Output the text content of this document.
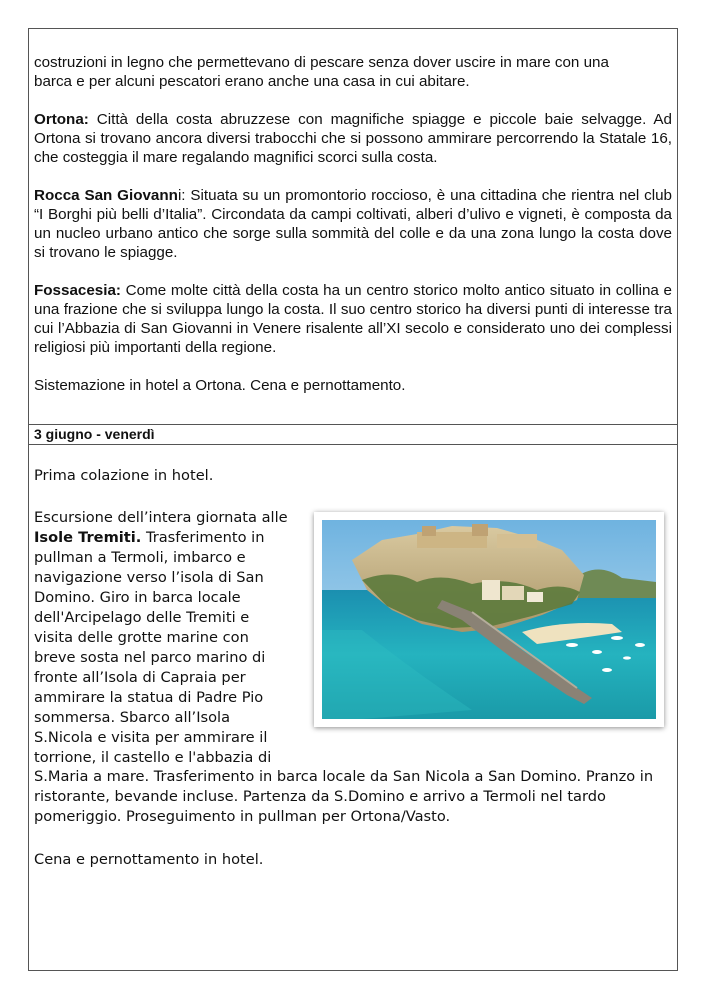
costruzioni in legno che permettevano di pescare senza dover uscire in mare con una
barca e per alcuni pescatori erano anche una casa in cui abitare.

Ortona: Città della costa abruzzese con magnifiche spiagge e piccole baie selvagge. Ad Ortona si trovano ancora diversi trabocchi che si possono ammirare percorrendo la Statale 16, che costeggia il mare regalando magnifici scorci sulla costa.

Rocca San Giovanni: Situata su un promontorio roccioso, è una cittadina che rientra nel club “I Borghi più belli d’Italia”. Circondata da campi coltivati, alberi d’ulivo e vigneti, è composta da un nucleo urbano antico che sorge sulla sommità del colle e da una zona lungo la costa dove si trovano le spiagge.

Fossacesia: Come molte città della costa ha un centro storico molto antico situato in collina e una frazione che si sviluppa lungo la costa. Il suo centro storico ha diversi punti di interesse tra cui l’Abbazia di San Giovanni in Venere risalente all’XI secolo e considerato uno dei complessi religiosi più importanti della regione.

Sistemazione in hotel a Ortona. Cena e pernottamento.

3 giugno - venerdì
Prima colazione in hotel.
Escursione dell’intera giornata alle
Isole Tremiti. Trasferimento in
pullman a Termoli, imbarco e
navigazione verso l’isola di San
Domino. Giro in barca locale
dell'Arcipelago delle Tremiti e
visita delle grotte marine con
breve sosta nel parco marino di
fronte all’Isola di Capraia per
ammirare la statua di Padre Pio
sommersa. Sbarco all’Isola
S.Nicola e visita per ammirare il
torrione, il castello e l'abbazia di
S.Maria a mare. Trasferimento in barca locale da San Nicola a San Domino. Pranzo in
ristorante, bevande incluse. Partenza da S.Domino e arrivo a Termoli nel tardo
pomeriggio. Proseguimento in pullman per Ortona/Vasto.
Cena e pernottamento in hotel.
